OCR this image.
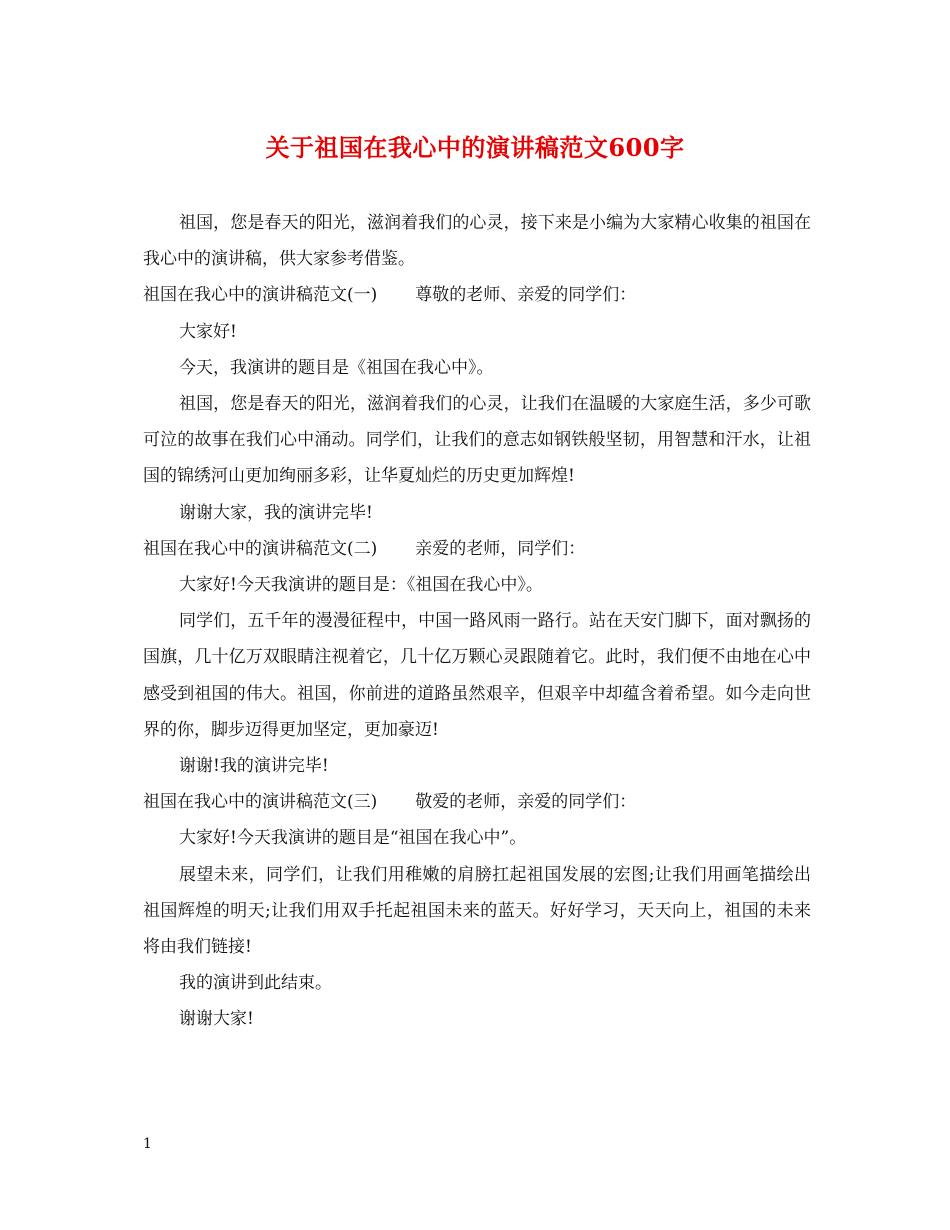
关于祖国在我心中的演讲稿范文600字

祖国，您是春天的阳光，滋润着我们的心灵，接下来是小编为大家精心收集的祖国在我心中的演讲稿，供大家参考借鉴。

祖国在我心中的演讲稿范文(一) 尊敬的老师、亲爱的同学们：

大家好!

今天，我演讲的题目是《祖国在我心中》。

祖国，您是春天的阳光，滋润着我们的心灵，让我们在温暖的大家庭生活，多少可歌可泣的故事在我们心中涌动。同学们，让我们的意志如钢铁般坚韧，用智慧和汗水，让祖国的锦绣河山更加绚丽多彩，让华夏灿烂的历史更加辉煌!

谢谢大家，我的演讲完毕!

祖国在我心中的演讲稿范文(二) 亲爱的老师，同学们：

大家好!今天我演讲的题目是：《祖国在我心中》。

同学们，五千年的漫漫征程中，中国一路风雨一路行。站在天安门脚下，面对飘扬的国旗，几十亿万双眼睛注视着它，几十亿万颗心灵跟随着它。此时，我们便不由地在心中感受到祖国的伟大。祖国，你前进的道路虽然艰辛，但艰辛中却蕴含着希望。如今走向世界的你，脚步迈得更加坚定，更加豪迈!

谢谢!我的演讲完毕!

祖国在我心中的演讲稿范文(三) 敬爱的老师，亲爱的同学们：

大家好!今天我演讲的题目是“祖国在我心中”。

展望未来，同学们，让我们用稚嫩的肩膀扛起祖国发展的宏图;让我们用画笔描绘出祖国辉煌的明天;让我们用双手托起祖国未来的蓝天。好好学习，天天向上，祖国的未来将由我们链接!

我的演讲到此结束。

谢谢大家!

1
